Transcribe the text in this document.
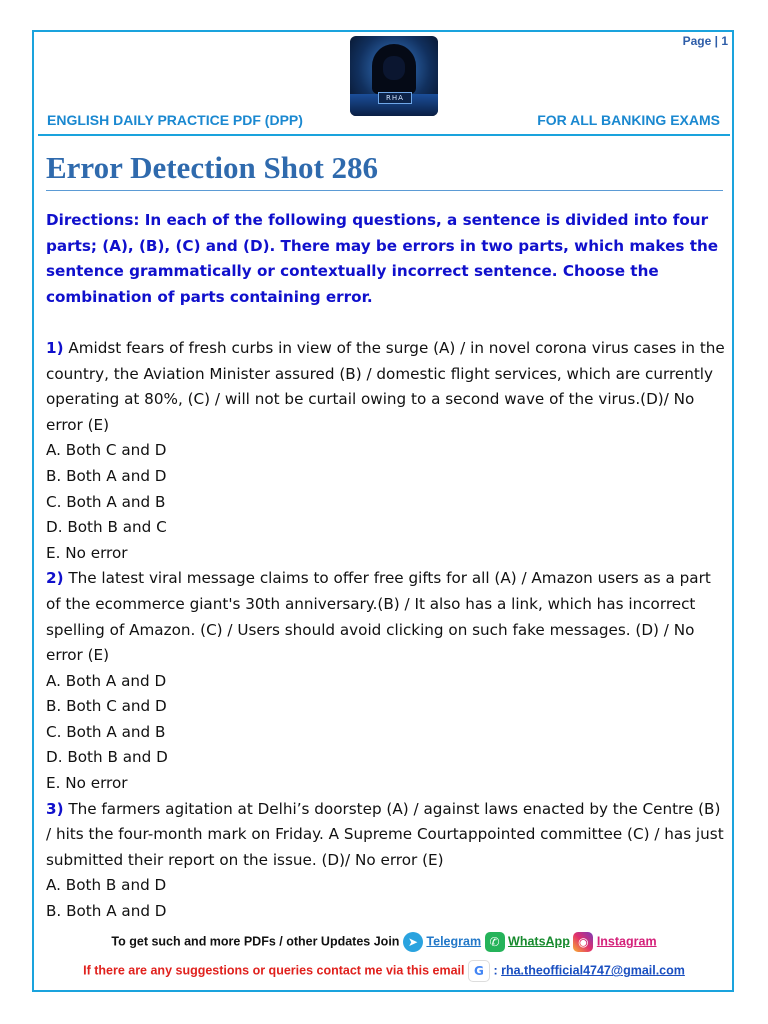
Page | 1
RHA
ENGLISH DAILY PRACTICE PDF (DPP)	FOR ALL BANKING EXAMS
Error Detection Shot 286
Directions: In each of the following questions, a sentence is divided into four parts; (A), (B), (C) and (D). There may be errors in two parts, which makes the sentence grammatically or contextually incorrect sentence. Choose the combination of parts containing error.
1) Amidst fears of fresh curbs in view of the surge (A) / in novel corona virus cases in the country, the Aviation Minister assured (B) / domestic flight services, which are currently operating at 80%, (C) / will not be curtail owing to a second wave of the virus.(D)/ No error (E)
A. Both C and D
B. Both A and D
C. Both A and B
D. Both B and C
E. No error
2) The latest viral message claims to offer free gifts for all (A) / Amazon users as a part of the ecommerce giant's 30th anniversary.(B) / It also has a link, which has incorrect spelling of Amazon. (C) / Users should avoid clicking on such fake messages. (D) / No error (E)
A. Both A and D
B. Both C and D
C. Both A and B
D. Both B and D
E. No error
3) The farmers agitation at Delhi’s doorstep (A) / against laws enacted by the Centre (B) / hits the four-month mark on Friday. A Supreme Courtappointed committee (C) / has just submitted their report on the issue. (D)/ No error (E)
A. Both B and D
B. Both A and D
To get such and more PDFs / other Updates Join ➤ Telegram ✆ WhatsApp ◉ Instagram
If there are any suggestions or queries contact me via this email G : rha.theofficial4747@gmail.com
